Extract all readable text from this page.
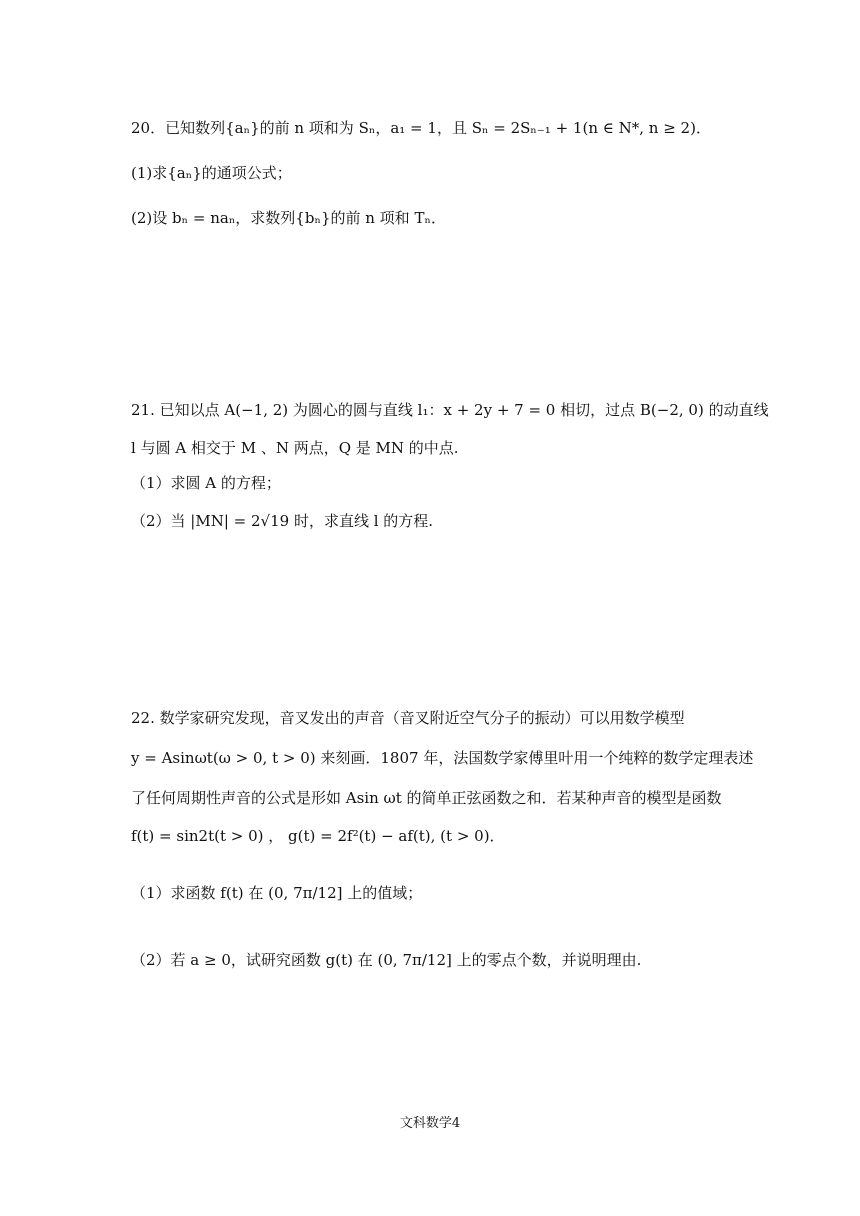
20．已知数列{aₙ}的前 n 项和为 Sₙ，a₁ = 1，且 Sₙ = 2Sₙ₋₁ + 1(n ∈ N*, n ≥ 2)．
(1)求{aₙ}的通项公式；
(2)设 bₙ = naₙ，求数列{bₙ}的前 n 项和 Tₙ．
21. 已知以点 A(−1, 2) 为圆心的圆与直线 l₁：x + 2y + 7 = 0 相切，过点 B(−2, 0) 的动直线
l 与圆 A 相交于 M 、N 两点，Q 是 MN 的中点.
（1）求圆 A 的方程；
（2）当 |MN| = 2√19 时，求直线 l 的方程.
22. 数学家研究发现，音叉发出的声音（音叉附近空气分子的振动）可以用数学模型
y = Asinωt(ω > 0, t > 0) 来刻画．1807 年，法国数学家傅里叶用一个纯粹的数学定理表述
了任何周期性声音的公式是形如 Asin ωt 的简单正弦函数之和．若某种声音的模型是函数
f(t) = sin2t(t > 0) ， g(t) = 2f²(t) − af(t), (t > 0)．
（1）求函数 f(t) 在 (0, 7π/12] 上的值域；
（2）若 a ≥ 0，试研究函数 g(t) 在 (0, 7π/12] 上的零点个数，并说明理由.
文科数学4
